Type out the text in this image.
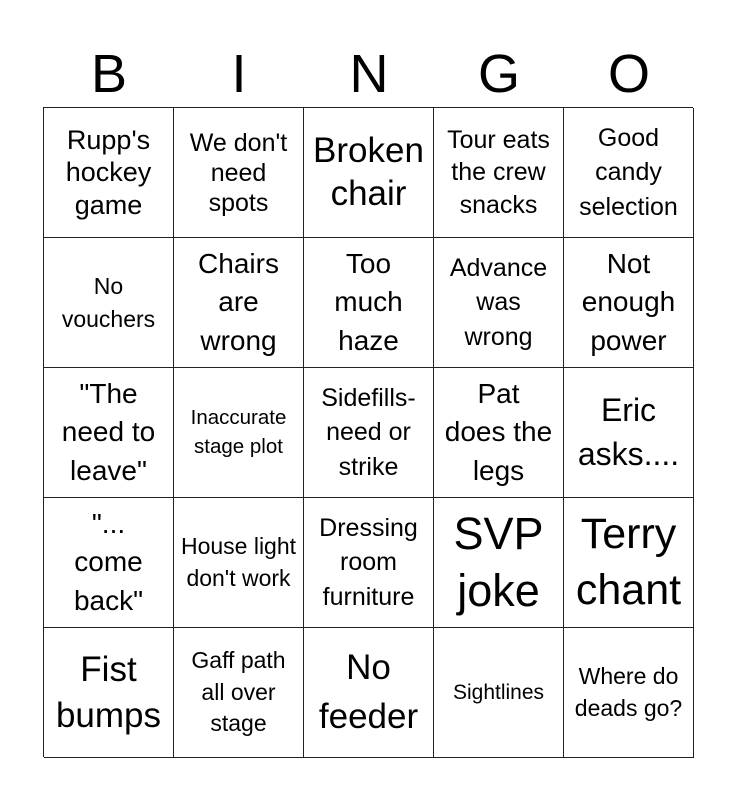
B	I	N	G	O
Rupp's hockey game
We don't need spots
Broken chair
Tour eats the crew snacks
Good candy selection
No vouchers
Chairs are wrong
Too much haze
Advance was wrong
Not enough power
"The need to leave"
Inaccurate stage plot
Sidefills- need or strike
Pat does the legs
Eric asks....
"... come back"
House light don't work
Dressing room furniture
SVP joke
Terry chant
Fist bumps
Gaff path all over stage
No feeder
Sightlines
Where do deads go?
